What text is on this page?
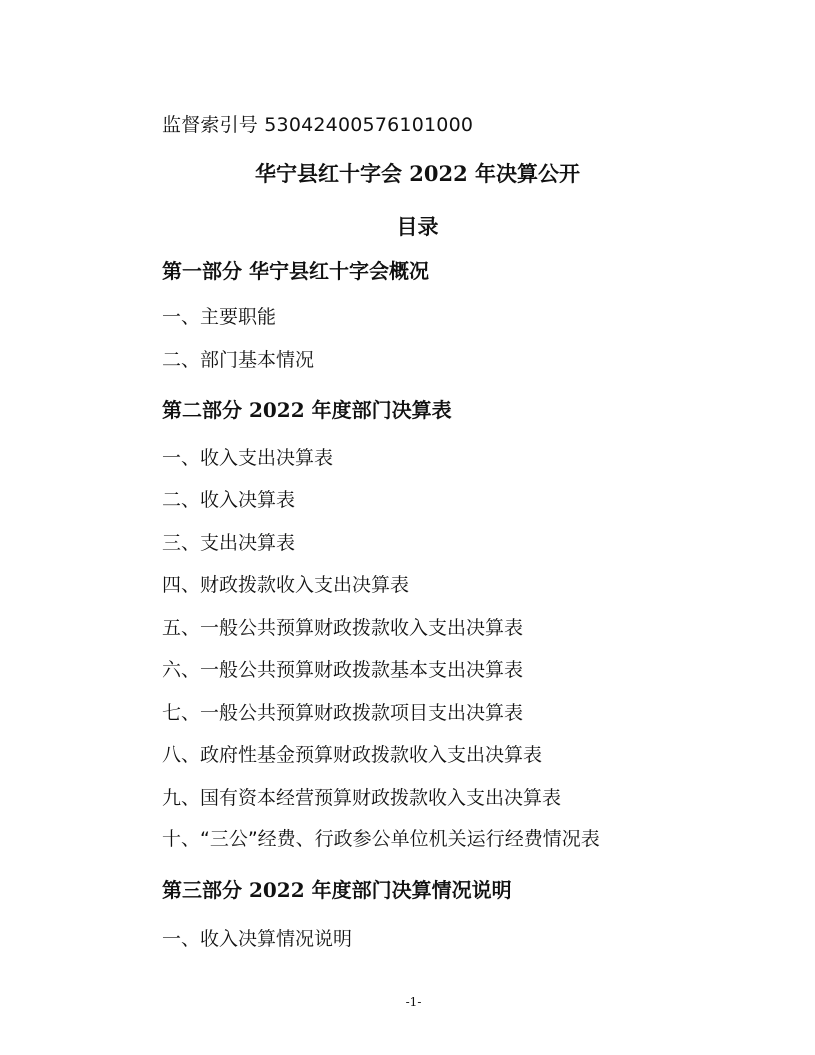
监督索引号 53042400576101000
华宁县红十字会 2022 年决算公开
目录
第一部分 华宁县红十字会概况
一、主要职能
二、部门基本情况
第二部分 2022 年度部门决算表
一、收入支出决算表
二、收入决算表
三、支出决算表
四、财政拨款收入支出决算表
五、一般公共预算财政拨款收入支出决算表
六、一般公共预算财政拨款基本支出决算表
七、一般公共预算财政拨款项目支出决算表
八、政府性基金预算财政拨款收入支出决算表
九、国有资本经营预算财政拨款收入支出决算表
十、“三公”经费、行政参公单位机关运行经费情况表
第三部分 2022 年度部门决算情况说明
一、收入决算情况说明
-1-
